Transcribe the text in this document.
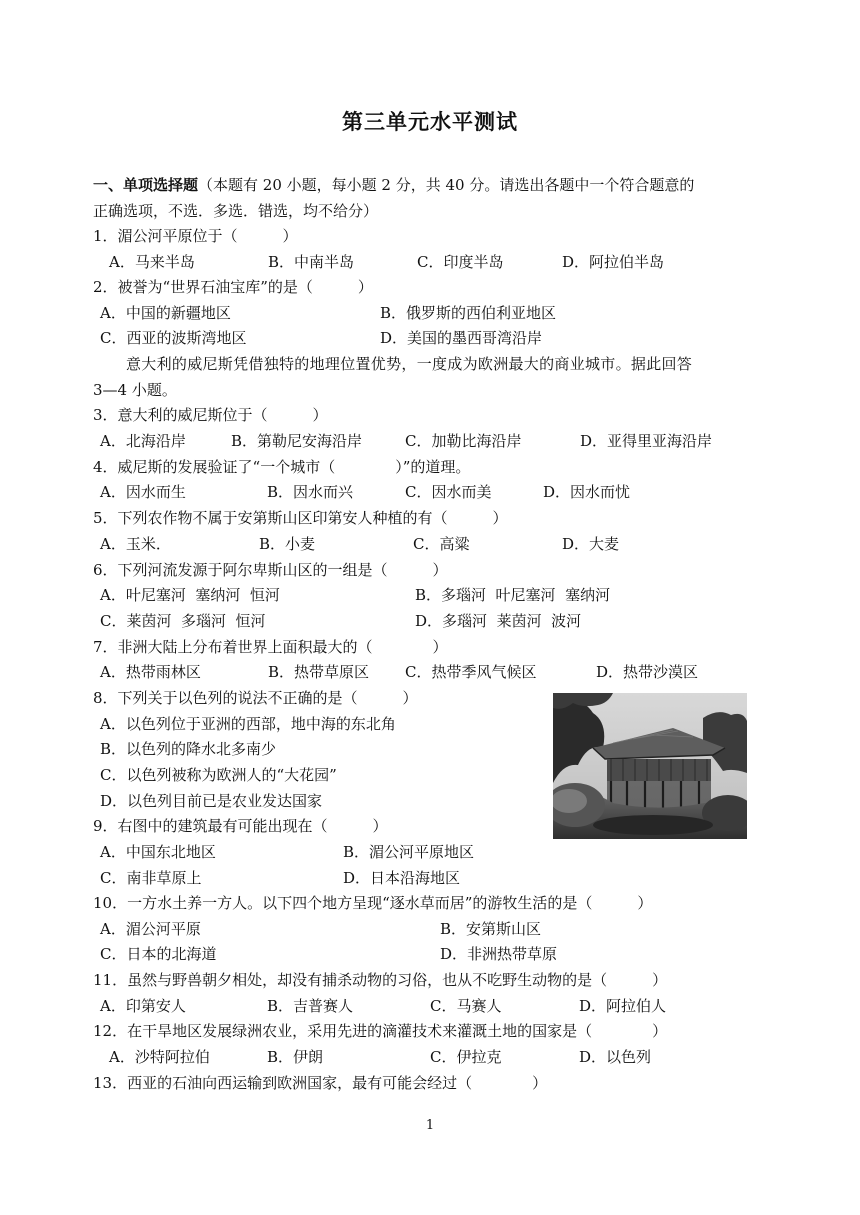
第三单元水平测试
一、单项选择题（本题有 20 小题，每小题 2 分，共 40 分。请选出各题中一个符合题意的
正确选项，不选．多选．错选，均不给分）
1．湄公河平原位于（　　　）
A．马来半岛	B．中南半岛	C．印度半岛	D．阿拉伯半岛
2．被誉为“世界石油宝库”的是（　　　）
A．中国的新疆地区	B．俄罗斯的西伯利亚地区
C．西亚的波斯湾地区	D．美国的墨西哥湾沿岸
意大利的威尼斯凭借独特的地理位置优势，一度成为欧洲最大的商业城市。据此回答
3—4 小题。
3．意大利的威尼斯位于（　　　）
A．北海沿岸	B．第勒尼安海沿岸	C．加勒比海沿岸	D．亚得里亚海沿岸
4．威尼斯的发展验证了“一个城市（　　　　）”的道理。
A．因水而生	B．因水而兴	C．因水而美	D．因水而忧
5．下列农作物不属于安第斯山区印第安人种植的有（　　　）
A．玉米．	B．小麦	C．高粱	D．大麦
6．下列河流发源于阿尔卑斯山区的一组是（　　　）
A．叶尼塞河  塞纳河  恒河	B．多瑙河  叶尼塞河  塞纳河
C．莱茵河  多瑙河  恒河	D．多瑙河  莱茵河  波河
7．非洲大陆上分布着世界上面积最大的（　　　　）
A．热带雨林区	B．热带草原区 C．热带季风气候区	D．热带沙漠区
8．下列关于以色列的说法不正确的是（　　　）
A．以色列位于亚洲的西部，地中海的东北角
B．以色列的降水北多南少
C．以色列被称为欧洲人的“大花园”
D．以色列目前已是农业发达国家
9．右图中的建筑最有可能出现在（　　　）
A．中国东北地区	B．湄公河平原地区
C．南非草原上	D．日本沿海地区
10．一方水土养一方人。以下四个地方呈现“逐水草而居”的游牧生活的是（　　　）
A．湄公河平原	B．安第斯山区
C．日本的北海道	D．非洲热带草原
11．虽然与野兽朝夕相处，却没有捕杀动物的习俗，也从不吃野生动物的是（　　　）
A．印第安人	B．吉普赛人	C．马赛人	D．阿拉伯人
12．在干旱地区发展绿洲农业，采用先进的滴灌技术来灌溉土地的国家是（　　　　）
A．沙特阿拉伯	B．伊朗	C．伊拉克	D．以色列
13．西亚的石油向西运输到欧洲国家，最有可能会经过（　　　　）
1
